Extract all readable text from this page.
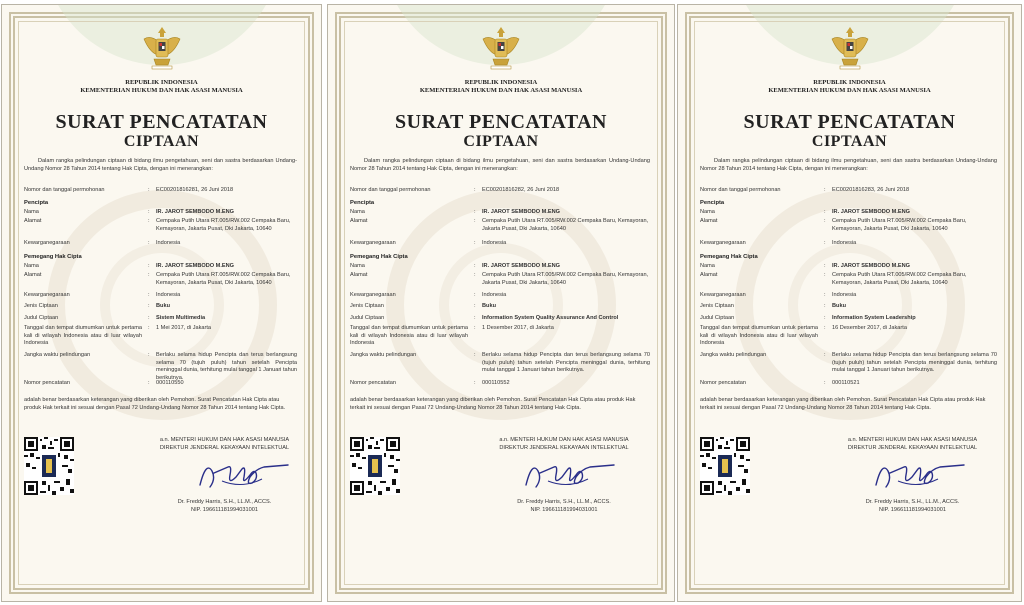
REPUBLIK INDONESIA
KEMENTERIAN HUKUM DAN HAK ASASI MANUSIA
SURAT PENCATATAN
CIPTAAN
Dalam rangka pelindungan ciptaan di bidang ilmu pengetahuan, seni dan sastra berdasarkan Undang-Undang Nomor 28 Tahun 2014 tentang Hak Cipta, dengan ini menerangkan:
Nomor dan tanggal permohonan	: EC00201816281, 26 Juni 2018
Pencipta
Nama	: IR. JAROT SEMBODO M.ENG
Alamat	: Cempaka Putih Utara RT.005/RW.002 Cempaka Baru, Kemayoran, Jakarta Pusat, Dki Jakarta, 10640
Kewarganegaraan	: Indonesia
Pemegang Hak Cipta
Nama	: IR. JAROT SEMBODO M.ENG
Alamat	: Cempaka Putih Utara RT.005/RW.002 Cempaka Baru, Kemayoran, Jakarta Pusat, Dki Jakarta, 10640
Kewarganegaraan	: Indonesia
Jenis Ciptaan	: Buku
Judul Ciptaan	: Sistem Multimedia
Tanggal dan tempat diumumkan untuk pertama kali di wilayah Indonesia atau di luar wilayah Indonesia
: 1 Mei 2017, di Jakarta
Jangka waktu pelindungan	: Berlaku selama hidup Pencipta dan terus berlangsung selama 70 (tujuh puluh) tahun setelah Pencipta meninggal dunia, terhitung mulai tanggal 1 Januari tahun berikutnya.
Nomor pencatatan	: 000110550
adalah benar berdasarkan keterangan yang diberikan oleh Pemohon. Surat Pencatatan Hak Cipta atau produk Hak terkait ini sesuai dengan Pasal 72 Undang-Undang Nomor 28 Tahun 2014 tentang Hak Cipta.
a.n. MENTERI HUKUM DAN HAK ASASI MANUSIA
DIREKTUR JENDERAL KEKAYAAN INTELEKTUAL
Dr. Freddy Harris, S.H., LL.M., ACCS.
NIP. 196611181994031001
REPUBLIK INDONESIA
KEMENTERIAN HUKUM DAN HAK ASASI MANUSIA
SURAT PENCATATAN
CIPTAAN
Dalam rangka pelindungan ciptaan di bidang ilmu pengetahuan, seni dan sastra berdasarkan Undang-Undang Nomor 28 Tahun 2014 tentang Hak Cipta, dengan ini menerangkan:
Nomor dan tanggal permohonan	: EC00201816282, 26 Juni 2018
Pencipta
Nama	: IR. JAROT SEMBODO M.ENG
Alamat	: Cempaka Putih Utara RT.005/RW.002 Cempaka Baru, Kemayoran, Jakarta Pusat, Dki Jakarta, 10640
Kewarganegaraan	: Indonesia
Pemegang Hak Cipta
Nama	: IR. JAROT SEMBODO M.ENG
Alamat	: Cempaka Putih Utara RT.005/RW.002 Cempaka Baru, Kemayoran, Jakarta Pusat, Dki Jakarta, 10640
Kewarganegaraan	: Indonesia
Jenis Ciptaan	: Buku
Judul Ciptaan	: Information System Quality Assurance And Control
Tanggal dan tempat diumumkan untuk pertama kali di wilayah Indonesia atau di luar wilayah Indonesia
: 1 Desember 2017, di Jakarta
Jangka waktu pelindungan	: Berlaku selama hidup Pencipta dan terus berlangsung selama 70 (tujuh puluh) tahun setelah Pencipta meninggal dunia, terhitung mulai tanggal 1 Januari tahun berikutnya.
Nomor pencatatan	: 000110552
adalah benar berdasarkan keterangan yang diberikan oleh Pemohon. Surat Pencatatan Hak Cipta atau produk Hak terkait ini sesuai dengan Pasal 72 Undang-Undang Nomor 28 Tahun 2014 tentang Hak Cipta.
a.n. MENTERI HUKUM DAN HAK ASASI MANUSIA
DIREKTUR JENDERAL KEKAYAAN INTELEKTUAL
Dr. Freddy Harris, S.H., LL.M., ACCS.
NIP. 196611181994031001
REPUBLIK INDONESIA
KEMENTERIAN HUKUM DAN HAK ASASI MANUSIA
SURAT PENCATATAN
CIPTAAN
Dalam rangka pelindungan ciptaan di bidang ilmu pengetahuan, seni dan sastra berdasarkan Undang-Undang Nomor 28 Tahun 2014 tentang Hak Cipta, dengan ini menerangkan:
Nomor dan tanggal permohonan	: EC00201816283, 26 Juni 2018
Pencipta
Nama	: IR. JAROT SEMBODO M.ENG
Alamat	: Cempaka Putih Utara RT.005/RW.002 Cempaka Baru, Kemayoran, Jakarta Pusat, Dki Jakarta, 10640
Kewarganegaraan	: Indonesia
Pemegang Hak Cipta
Nama	: IR. JAROT SEMBODO M.ENG
Alamat	: Cempaka Putih Utara RT.005/RW.002 Cempaka Baru, Kemayoran, Jakarta Pusat, Dki Jakarta, 10640
Kewarganegaraan	: Indonesia
Jenis Ciptaan	: Buku
Judul Ciptaan	: Information System Leadership
Tanggal dan tempat diumumkan untuk pertama kali di wilayah Indonesia atau di luar wilayah Indonesia
: 16 Desember 2017, di Jakarta
Jangka waktu pelindungan	: Berlaku selama hidup Pencipta dan terus berlangsung selama 70 (tujuh puluh) tahun setelah Pencipta meninggal dunia, terhitung mulai tanggal 1 Januari tahun berikutnya.
Nomor pencatatan	: 000110521
adalah benar berdasarkan keterangan yang diberikan oleh Pemohon. Surat Pencatatan Hak Cipta atau produk Hak terkait ini sesuai dengan Pasal 72 Undang-Undang Nomor 28 Tahun 2014 tentang Hak Cipta.
a.n. MENTERI HUKUM DAN HAK ASASI MANUSIA
DIREKTUR JENDERAL KEKAYAAN INTELEKTUAL
Dr. Freddy Harris, S.H., LL.M., ACCS.
NIP. 196611181994031001
